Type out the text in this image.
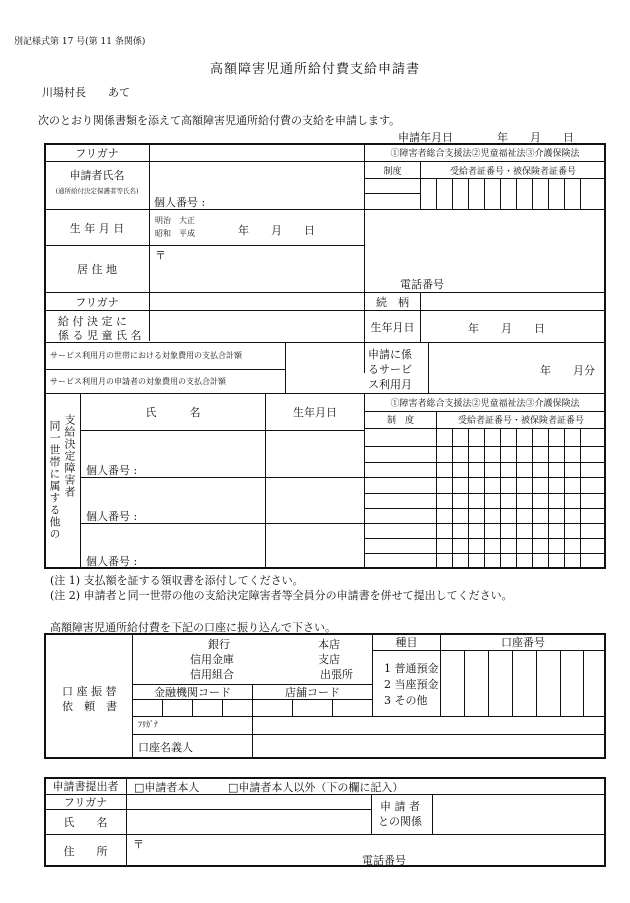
別記様式第 17 号(第 11 条関係)
高額障害児通所給付費支給申請書
川場村長　　あて
次のとおり関係書類を添えて高額障害児通所給付費の支給を申請します。
申請年月日　　　　年　　月　　日
フリガナ
申請者氏名
(通所給付決定保護者等氏名)
個人番号 :
生 年 月 日
明治　大正
昭和　平成	年　　月　　日
居 住 地
〒
電話番号
①障害者総合支援法②児童福祉法③介護保険法
制度	受給者証番号・被保険者証番号
フリガナ	続　柄
給 付 決 定 に
係 る 児 童 氏 名
生年月日	年　　月　　日
サービス利用月の世帯における対象費用の支払合計額
サービス利用月の申請者の対象費用の支払合計額
申請に係
るサービ
ス利用月
年　　月分
同一世帯に属する他の 支給決定障害者
氏　　　名	生年月日
①障害者総合支援法②児童福祉法③介護保険法
制　度	受給者証番号・被保険者証番号
個人番号 :
個人番号 :
個人番号 :
(注 1) 支払額を証する領収書を添付してください。
(注 2) 申請者と同一世帯の他の支給決定障害者等全員分の申請書を併せて提出してください。
高額障害児通所給付費を下記の口座に振り込んで下さい。
口 座 振 替
依　頼　書
銀行
信用金庫
信用組合
本店
支店
出張所
金融機関コード	店舗コード
種目	口座番号
1 普通預金
2 当座預金
3 その他
ﾌﾘｶﾞﾅ
口座名義人
申請書提出者	□申請者本人	□申請者本人以外（下の欄に記入）
フリガナ
氏　　名
申 請 者
との関係
住　　所	〒
電話番号
